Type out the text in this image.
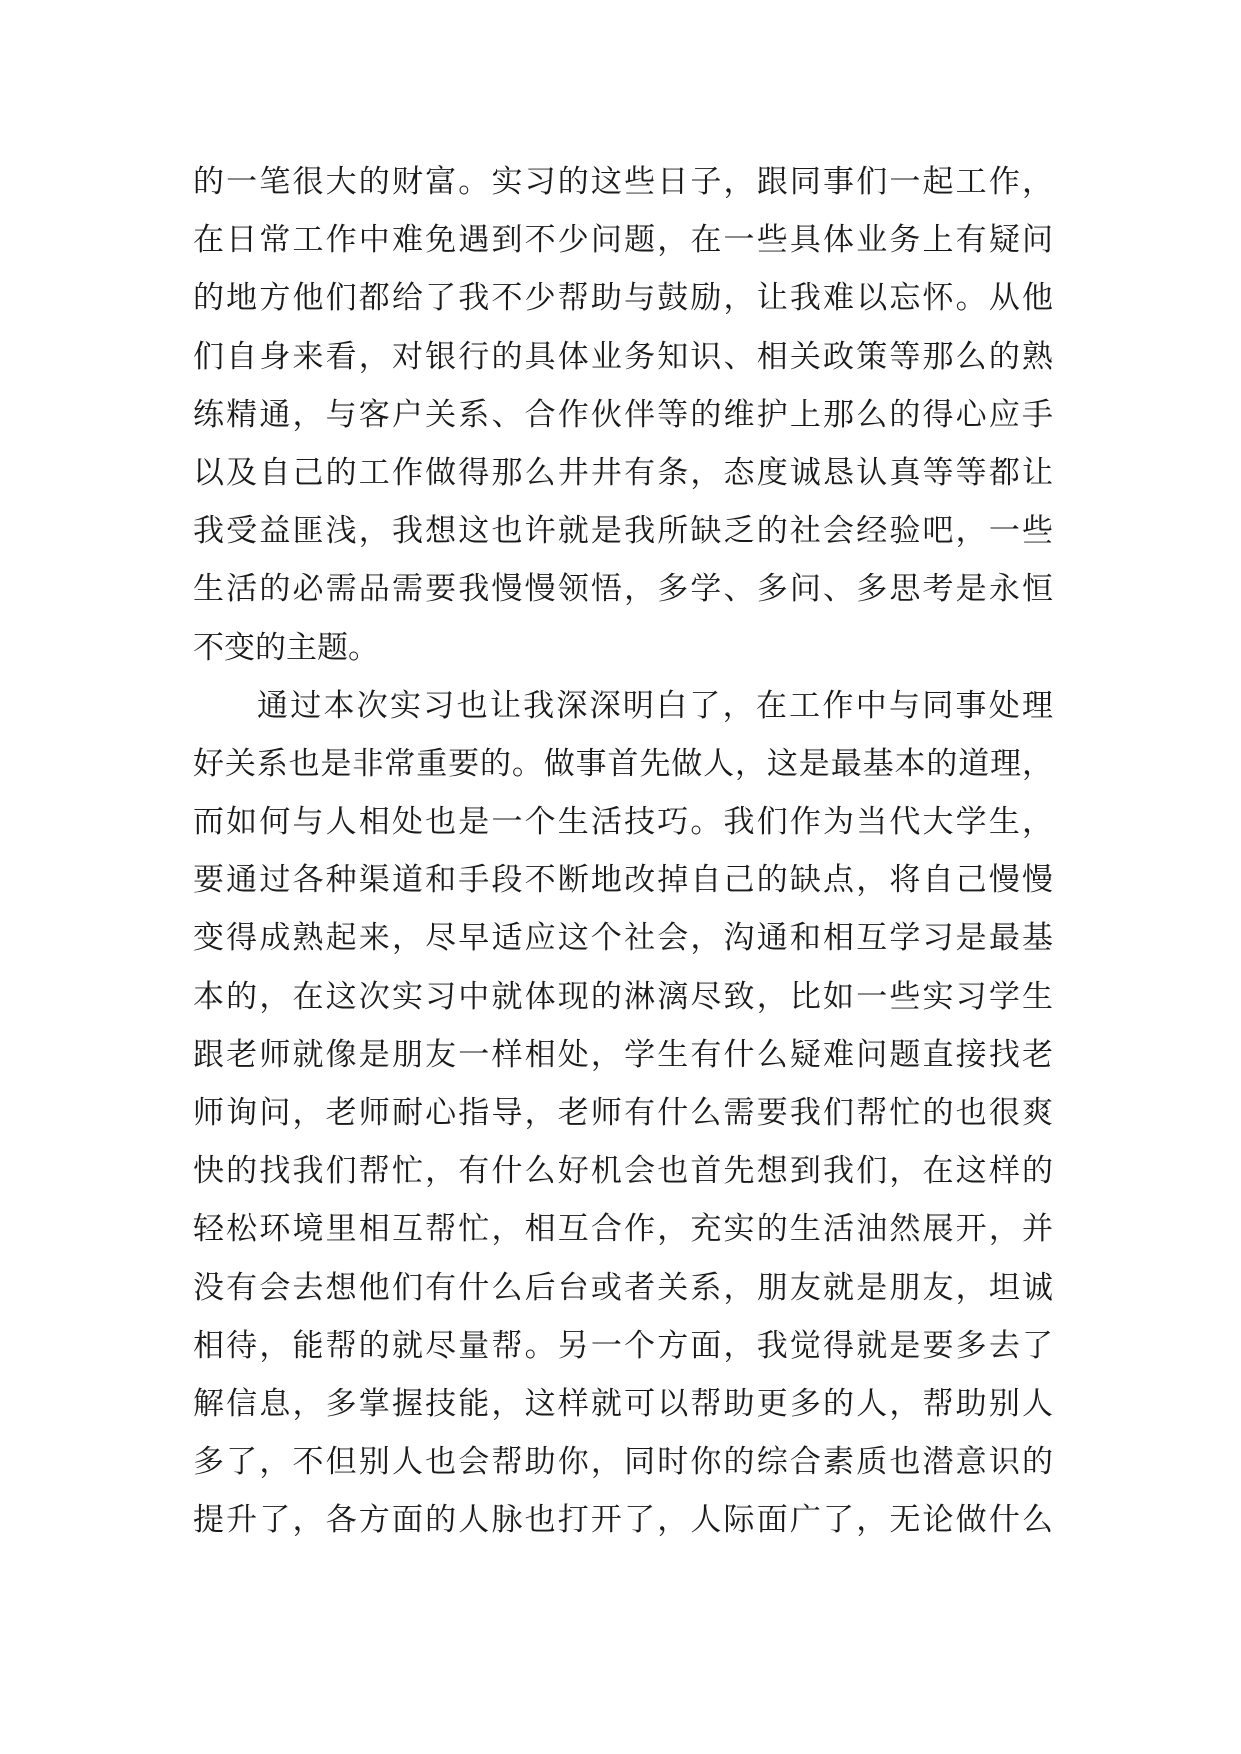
的一笔很大的财富。实习的这些日子，跟同事们一起工作，
在日常工作中难免遇到不少问题，在一些具体业务上有疑问
的地方他们都给了我不少帮助与鼓励，让我难以忘怀。从他
们自身来看，对银行的具体业务知识、相关政策等那么的熟
练精通，与客户关系、合作伙伴等的维护上那么的得心应手
以及自己的工作做得那么井井有条，态度诚恳认真等等都让
我受益匪浅，我想这也许就是我所缺乏的社会经验吧，一些
生活的必需品需要我慢慢领悟，多学、多问、多思考是永恒
不变的主题。
通过本次实习也让我深深明白了，在工作中与同事处理
好关系也是非常重要的。做事首先做人，这是最基本的道理，
而如何与人相处也是一个生活技巧。我们作为当代大学生，
要通过各种渠道和手段不断地改掉自己的缺点，将自己慢慢
变得成熟起来，尽早适应这个社会，沟通和相互学习是最基
本的，在这次实习中就体现的淋漓尽致，比如一些实习学生
跟老师就像是朋友一样相处，学生有什么疑难问题直接找老
师询问，老师耐心指导，老师有什么需要我们帮忙的也很爽
快的找我们帮忙，有什么好机会也首先想到我们，在这样的
轻松环境里相互帮忙，相互合作，充实的生活油然展开，并
没有会去想他们有什么后台或者关系，朋友就是朋友，坦诚
相待，能帮的就尽量帮。另一个方面，我觉得就是要多去了
解信息，多掌握技能，这样就可以帮助更多的人，帮助别人
多了，不但别人也会帮助你，同时你的综合素质也潜意识的
提升了，各方面的人脉也打开了，人际面广了，无论做什么
